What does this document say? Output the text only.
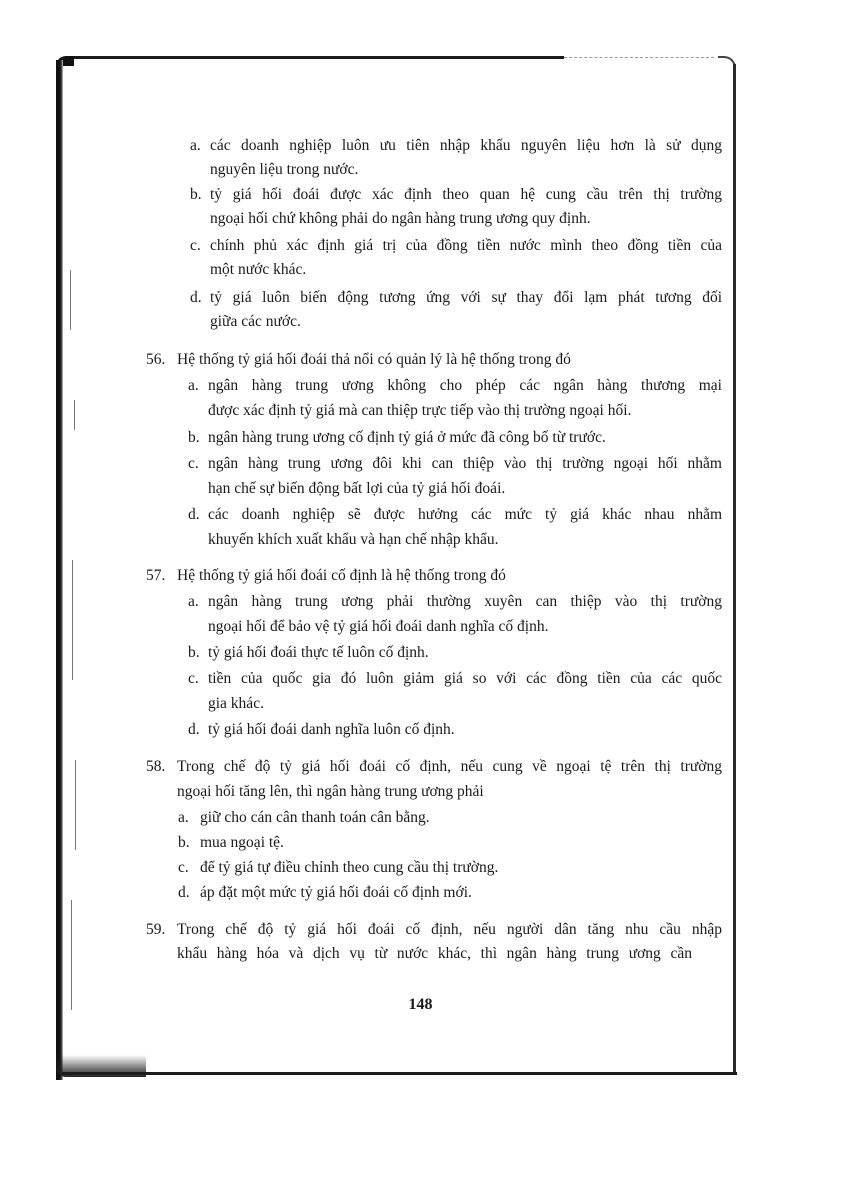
a. các doanh nghiệp luôn ưu tiên nhập khẩu nguyên liệu hơn là sử dụng
nguyên liệu trong nước.
b. tỷ giá hối đoái được xác định theo quan hệ cung cầu trên thị trường
ngoại hối chứ không phải do ngân hàng trung ương quy định.
c. chính phủ xác định giá trị của đồng tiền nước mình theo đồng tiền của
một nước khác.
d. tỷ giá luôn biến động tương ứng với sự thay đổi lạm phát tương đối
giữa các nước.
56. Hệ thống tỷ giá hối đoái thả nổi có quản lý là hệ thống trong đó
a. ngân hàng trung ương không cho phép các ngân hàng thương mại
được xác định tỷ giá mà can thiệp trực tiếp vào thị trường ngoại hối.
b. ngân hàng trung ương cố định tỷ giá ở mức đã công bố từ trước.
c. ngân hàng trung ương đôi khi can thiệp vào thị trường ngoại hối nhằm
hạn chế sự biến động bất lợi của tỷ giá hối đoái.
d. các doanh nghiệp sẽ được hưởng các mức tỷ giá khác nhau nhằm
khuyến khích xuất khẩu và hạn chế nhập khẩu.
57. Hệ thống tỷ giá hối đoái cố định là hệ thống trong đó
a. ngân hàng trung ương phải thường xuyên can thiệp vào thị trường
ngoại hối để bảo vệ tỷ giá hối đoái danh nghĩa cố định.
b. tỷ giá hối đoái thực tế luôn cố định.
c. tiền của quốc gia đó luôn giảm giá so với các đồng tiền của các quốc
gia khác.
d. tỷ giá hối đoái danh nghĩa luôn cố định.
58. Trong chế độ tỷ giá hối đoái cố định, nếu cung về ngoại tệ trên thị trường
ngoại hối tăng lên, thì ngân hàng trung ương phải
a. giữ cho cán cân thanh toán cân bằng.
b. mua ngoại tệ.
c. để tỷ giá tự điều chỉnh theo cung cầu thị trường.
d. áp đặt một mức tỷ giá hối đoái cố định mới.
59. Trong chế độ tỷ giá hối đoái cố định, nếu người dân tăng nhu cầu nhập
khẩu hàng hóa và dịch vụ từ nước khác, thì ngân hàng trung ương cần
148
